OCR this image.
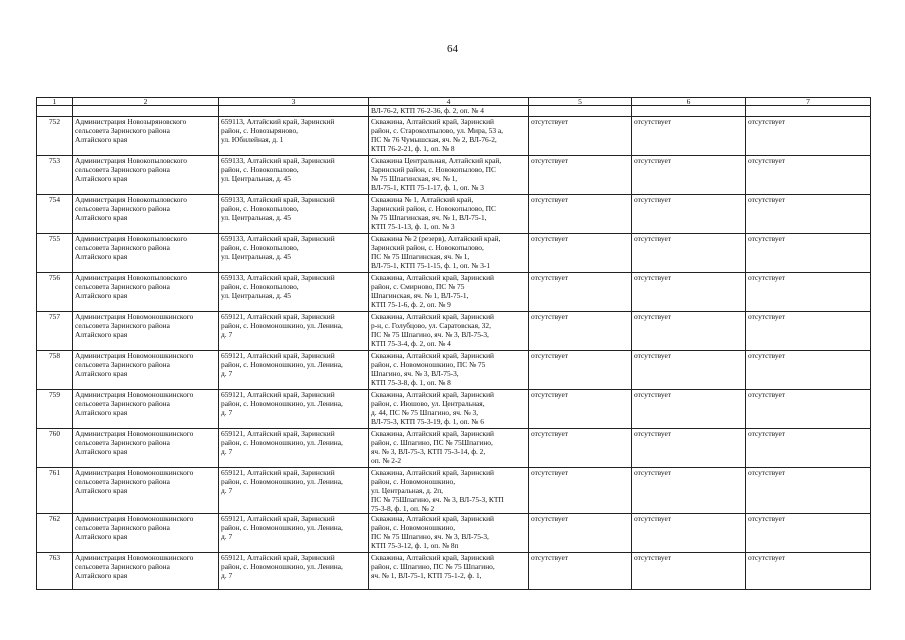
64
1	2	3	4	5	6	7
			ВЛ-76-2, КТП 76-2-36, ф. 2, оп. № 4			
752	Администрация Новозыряновского
сельсовета Заринского района
Алтайского края	659113, Алтайский край, Заринский
район, с. Новозыряново,
ул. Юбилейная, д. 1	Скважина, Алтайский край, Заринский
район, с. Староколпылово, ул. Мира, 53 а,
ПС № 76 Чумышская, яч. № 2, ВЛ-76-2,
КТП 76-2-21, ф. 1, оп. № 8	отсутствует	отсутствует	отсутствует
753	Администрация Новокопыловского
сельсовета Заринского района
Алтайского края	659133, Алтайский край, Заринский
район, с. Новокопылово,
ул. Центральная, д. 45	Скважина Центральная, Алтайский край,
Заринский район, с. Новокопылово, ПС
№ 75 Шпагинская, яч. № 1,
ВЛ-75-1, КТП 75-1-17, ф. 1, оп. № 3	отсутствует	отсутствует	отсутствует
754	Администрация Новокопыловского
сельсовета Заринского района
Алтайского края	659133, Алтайский край, Заринский
район, с. Новокопылово,
ул. Центральная, д. 45	Скважина № 1, Алтайский край,
Заринский район, с. Новокопылово, ПС
№ 75 Шпагинская, яч. № 1, ВЛ-75-1,
КТП 75-1-13, ф. 1, оп. № 3	отсутствует	отсутствует	отсутствует
755	Администрация Новокопыловского
сельсовета Заринского района
Алтайского края	659133, Алтайский край, Заринский
район, с. Новокопылово,
ул. Центральная, д. 45	Скважина № 2 (резерв), Алтайский край,
Заринский район, с. Новокопылово,
ПС № 75 Шпагинская, яч. № 1,
ВЛ-75-1, КТП 75-1-15, ф. 1, оп. № 3-1	отсутствует	отсутствует	отсутствует
756	Администрация Новокопыловского
сельсовета Заринского района
Алтайского края	659133, Алтайский край, Заринский
район, с. Новокопылово,
ул. Центральная, д. 45	Скважина, Алтайский край, Заринский
район, с. Смирново, ПС № 75
Шпагинская, яч. № 1, ВЛ-75-1,
КТП 75-1-6, ф. 2, оп. № 9	отсутствует	отсутствует	отсутствует
757	Администрация Новомоношкинского
сельсовета Заринского района
Алтайского края	659121, Алтайский край, Заринский
район, с. Новомоношкино, ул. Ленина,
д. 7	Скважина, Алтайский край, Заринский
р-н, с. Голубцово, ул. Саратовская, 32,
ПС № 75 Шпагино, яч. № 3, ВЛ-75-3,
КТП 75-3-4, ф. 2, оп. № 4	отсутствует	отсутствует	отсутствует
758	Администрация Новомоношкинского
сельсовета Заринского района
Алтайского края	659121, Алтайский край, Заринский
район, с. Новомоношкино, ул. Ленина,
д. 7	Скважина, Алтайский край, Заринский
район, с. Новомоношкино, ПС № 75
Шпагино, яч. № 3, ВЛ-75-3,
КТП 75-3-8, ф. 1, оп. № 8	отсутствует	отсутствует	отсутствует
759	Администрация Новомоношкинского
сельсовета Заринского района
Алтайского края	659121, Алтайский край, Заринский
район, с. Новомоношкино, ул. Ленина,
д. 7	Скважина, Алтайский край, Заринский
район, с. Июшово, ул. Центральная,
д. 44, ПС № 75 Шпагино, яч. № 3,
ВЛ-75-3, КТП 75-3-19, ф. 1, оп. № 6	отсутствует	отсутствует	отсутствует
760	Администрация Новомоношкинского
сельсовета Заринского района
Алтайского края	659121, Алтайский край, Заринский
район, с. Новомоношкино, ул. Ленина,
д. 7	Скважина, Алтайский край, Заринский
район, с. Шпагино, ПС № 75Шпагино,
яч. № 3, ВЛ-75-3, КТП 75-3-14, ф. 2,
оп. № 2-2	отсутствует	отсутствует	отсутствует
761	Администрация Новомоношкинского
сельсовета Заринского района
Алтайского края	659121, Алтайский край, Заринский
район, с. Новомоношкино, ул. Ленина,
д. 7	Скважина, Алтайский край, Заринский
район, с. Новомоношкино,
ул. Центральная, д. 2п,
ПС № 75Шпагино, яч. № 3, ВЛ-75-3, КТП
75-3-8, ф. 1, оп. № 2	отсутствует	отсутствует	отсутствует
762	Администрация Новомоношкинского
сельсовета Заринского района
Алтайского края	659121, Алтайский край, Заринский
район, с. Новомоношкино, ул. Ленина,
д. 7	Скважина, Алтайский край, Заринский
район, с. Новомоношкино,
ПС № 75 Шпагино, яч. № 3, ВЛ-75-3,
КТП 75-3-12, ф. 1, оп. № 8п	отсутствует	отсутствует	отсутствует
763	Администрация Новомоношкинского
сельсовета Заринского района
Алтайского края	659121, Алтайский край, Заринский
район, с. Новомоношкино, ул. Ленина,
д. 7	Скважина, Алтайский край, Заринский
район, с. Шпагино, ПС № 75 Шпагино,
яч. № 1, ВЛ-75-1, КТП 75-1-2, ф. 1,	отсутствует	отсутствует	отсутствует
